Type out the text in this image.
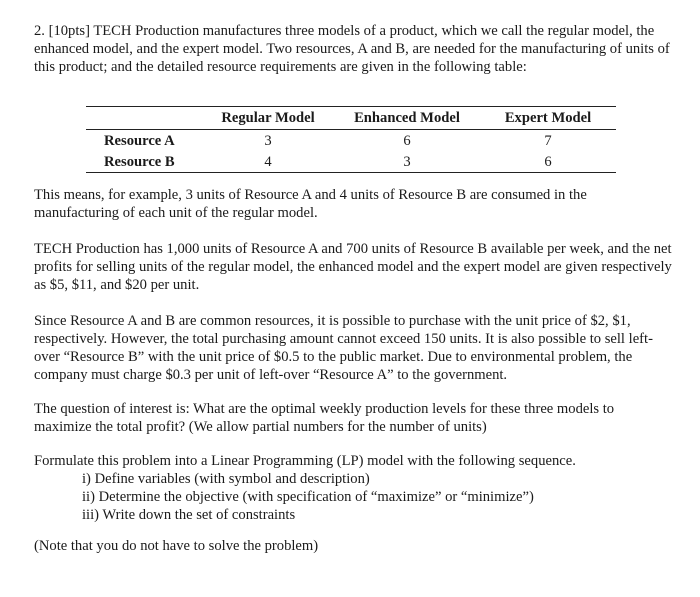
2. [10pts] TECH Production manufactures three models of a product, which we call the regular model, the enhanced model, and the expert model. Two resources, A and B, are needed for the manufacturing of units of this product; and the detailed resource requirements are given in the following table:

	Regular Model	Enhanced Model	Expert Model
Resource A	3	6	7
Resource B	4	3	6

This means, for example, 3 units of Resource A and 4 units of Resource B are consumed in the manufacturing of each unit of the regular model.

TECH Production has 1,000 units of Resource A and 700 units of Resource B available per week, and the net profits for selling units of the regular model, the enhanced model and the expert model are given respectively as $5, $11, and $20 per unit.

Since Resource A and B are common resources, it is possible to purchase with the unit price of $2, $1, respectively. However, the total purchasing amount cannot exceed 150 units. It is also possible to sell left-over “Resource B” with the unit price of $0.5 to the public market. Due to environmental problem, the company must charge $0.3 per unit of left-over “Resource A” to the government.

The question of interest is: What are the optimal weekly production levels for these three models to maximize the total profit? (We allow partial numbers for the number of units)

Formulate this problem into a Linear Programming (LP) model with the following sequence.

i) Define variables (with symbol and description)
ii) Determine the objective (with specification of “maximize” or “minimize”)
iii) Write down the set of constraints

(Note that you do not have to solve the problem)
